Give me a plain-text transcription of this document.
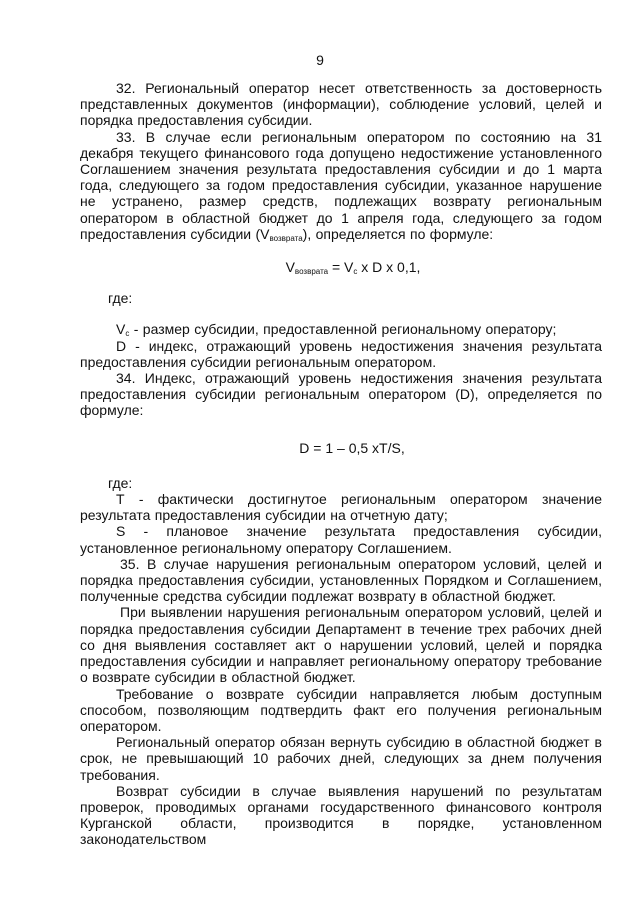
9

32. Региональный оператор несет ответственность за достоверность представленных документов (информации), соблюдение условий, целей и порядка предоставления субсидии.

33. В случае если региональным оператором по состоянию на 31 декабря текущего финансового года допущено недостижение установленного Соглашением значения результата предоставления субсидии и до 1 марта года, следующего за годом предоставления субсидии, указанное нарушение не устранено, размер средств, подлежащих возврату региональным оператором в областной бюджет до 1 апреля года, следующего за годом предоставления субсидии $(V_{возврата})$, определяется по формуле:

$V_{возврата} = V_c$ x D x 0,1,
где:

$V_c$ - размер субсидии, предоставленной региональному оператору;

D - индекс, отражающий уровень недостижения значения результата предоставления субсидии региональным оператором.

34. Индекс, отражающий уровень недостижения значения результата предоставления субсидии региональным оператором (D), определяется по формуле:

D = 1 – 0,5 xT/S,
где:

Т - фактически достигнутое региональным оператором значение результата предоставления субсидии на отчетную дату;

S - плановое значение результата предоставления субсидии, установленное региональному оператору Соглашением.

35. В случае нарушения региональным оператором условий, целей и порядка предоставления субсидии, установленных Порядком и Соглашением, полученные средства субсидии подлежат возврату в областной бюджет.

При выявлении нарушения региональным оператором условий, целей и порядка предоставления субсидии Департамент в течение трех рабочих дней со дня выявления составляет акт о нарушении условий, целей и порядка предоставления субсидии и направляет региональному оператору требование о возврате субсидии в областной бюджет.

Требование о возврате субсидии направляется любым доступным способом, позволяющим подтвердить факт его получения региональным оператором.

Региональный оператор обязан вернуть субсидию в областной бюджет в срок, не превышающий 10 рабочих дней, следующих за днем получения требования.

Возврат субсидии в случае выявления нарушений по результатам проверок, проводимых органами государственного финансового контроля Курганской области, производится в порядке, установленном законодательством
